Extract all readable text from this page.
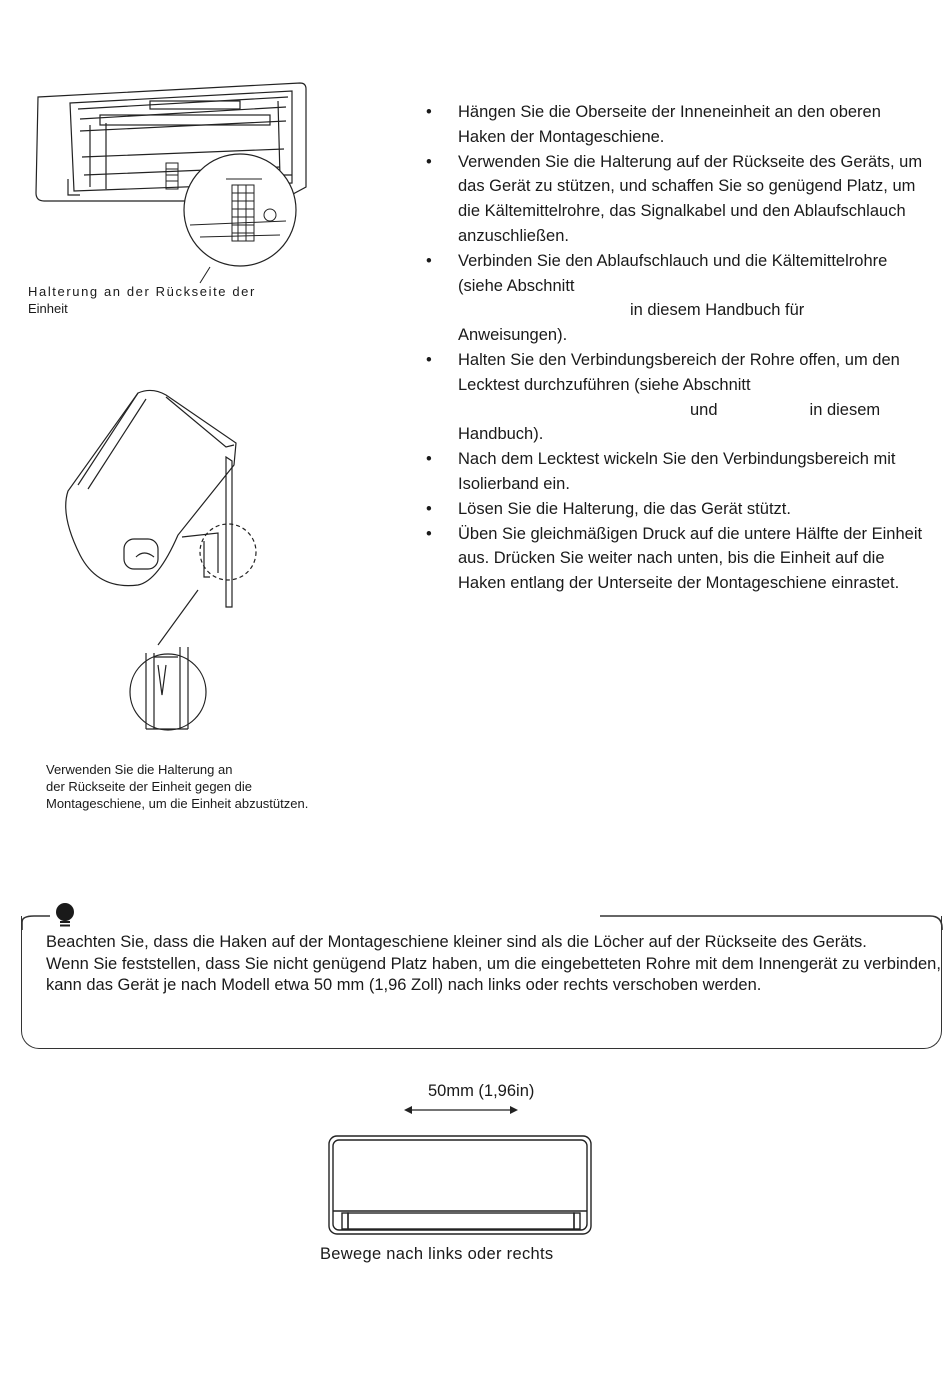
Halterung an der Rückseite der
Einheit
Verwenden Sie die Halterung an
der Rückseite der Einheit gegen die
Montageschiene, um die Einheit abzustützen.
• Hängen Sie die Oberseite der Inneneinheit an den oberen Haken der Montageschiene.
• Verwenden Sie die Halterung auf der Rückseite des Geräts, um das Gerät zu stützen, und schaffen Sie so genügend Platz, um die Kältemittelrohre, das Signalkabel und den Ablaufschlauch anzuschließen.
• Verbinden Sie den Ablaufschlauch und die Kältemittelrohre (siehe Abschnitt
in diesem Handbuch für
Anweisungen).
• Halten Sie den Verbindungsbereich der Rohre offen, um den Lecktest durchzuführen (siehe Abschnitt
und	in diesem
Handbuch).
• Nach dem Lecktest wickeln Sie den Verbindungsbereich mit Isolierband ein.
• Lösen Sie die Halterung, die das Gerät stützt.
• Üben Sie gleichmäßigen Druck auf die untere Hälfte der Einheit aus. Drücken Sie weiter nach unten, bis die Einheit auf die Haken entlang der Unterseite der Montageschiene einrastet.
Beachten Sie, dass die Haken auf der Montageschiene kleiner sind als die Löcher auf der Rückseite des Geräts.
Wenn Sie feststellen, dass Sie nicht genügend Platz haben, um die eingebetteten Rohre mit dem Innengerät zu verbinden, kann das Gerät je nach Modell etwa 50 mm (1,96 Zoll) nach links oder rechts verschoben werden.
50mm (1,96in)
Bewege nach links oder rechts
